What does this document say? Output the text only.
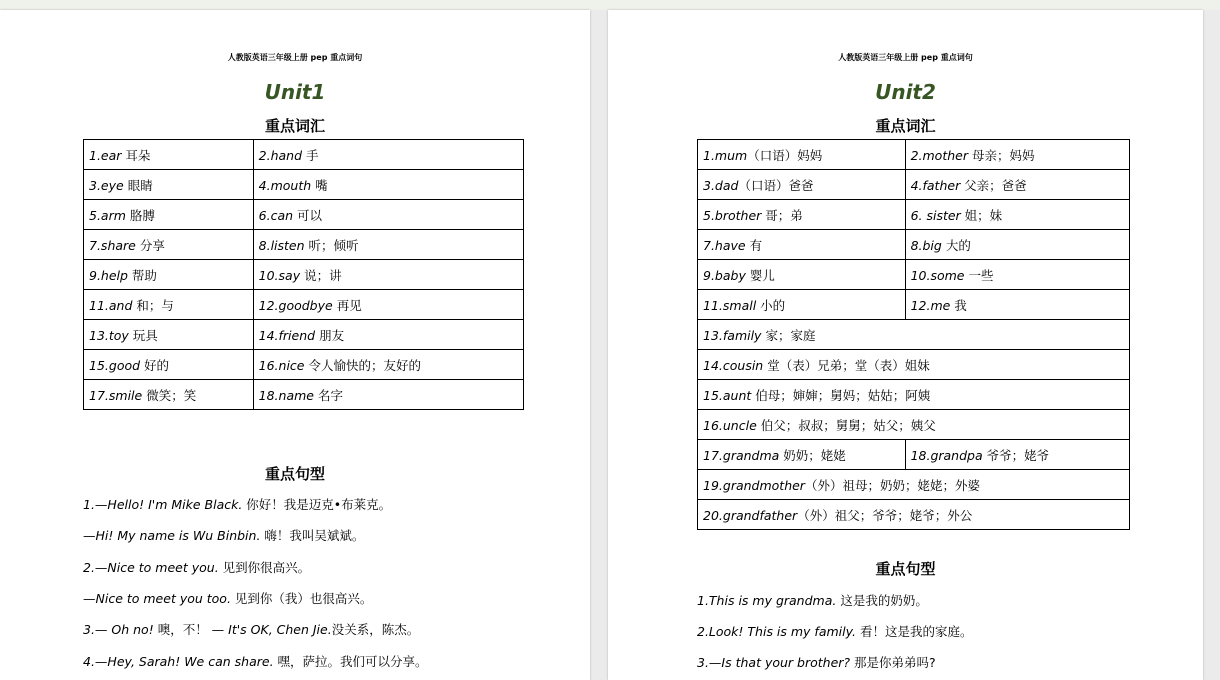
人教版英语三年级上册 pep 重点词句
Unit1
重点词汇
1.ear 耳朵	2.hand 手
3.eye 眼睛	4.mouth 嘴
5.arm 胳膊	6.can 可以
7.share 分享	8.listen 听；倾听
9.help 帮助	10.say 说；讲
11.and 和；与	12.goodbye 再见
13.toy 玩具	14.friend 朋友
15.good 好的	16.nice 令人愉快的；友好的
17.smile 微笑；笑	18.name 名字
重点句型
1.—Hello! I'm Mike Black. 你好！我是迈克•布莱克。
—Hi! My name is Wu Binbin. 嗨！我叫吴斌斌。
2.—Nice to meet you. 见到你很高兴。
—Nice to meet you too. 见到你（我）也很高兴。
3.— Oh no! 噢，不！ — It's OK, Chen Jie.没关系，陈杰。
4.—Hey, Sarah! We can share. 嘿，萨拉。我们可以分享。
人教版英语三年级上册 pep 重点词句
Unit2
重点词汇
1.mum（口语）妈妈	2.mother 母亲；妈妈
3.dad（口语）爸爸	4.father 父亲；爸爸
5.brother 哥；弟	6. sister 姐；妹
7.have 有	8.big 大的
9.baby 婴儿	10.some 一些
11.small 小的	12.me 我
13.family 家；家庭	
14.cousin 堂（表）兄弟；堂（表）姐妹	
15.aunt 伯母；婶婶；舅妈；姑姑；阿姨	
16.uncle 伯父；叔叔；舅舅；姑父；姨父	
17.grandma 奶奶；姥姥	18.grandpa 爷爷；姥爷
19.grandmother（外）祖母；奶奶；姥姥；外婆	
20.grandfather（外）祖父；爷爷；姥爷；外公	
重点句型
1.This is my grandma. 这是我的奶奶。
2.Look! This is my family. 看！这是我的家庭。
3.—Is that your brother? 那是你弟弟吗?
